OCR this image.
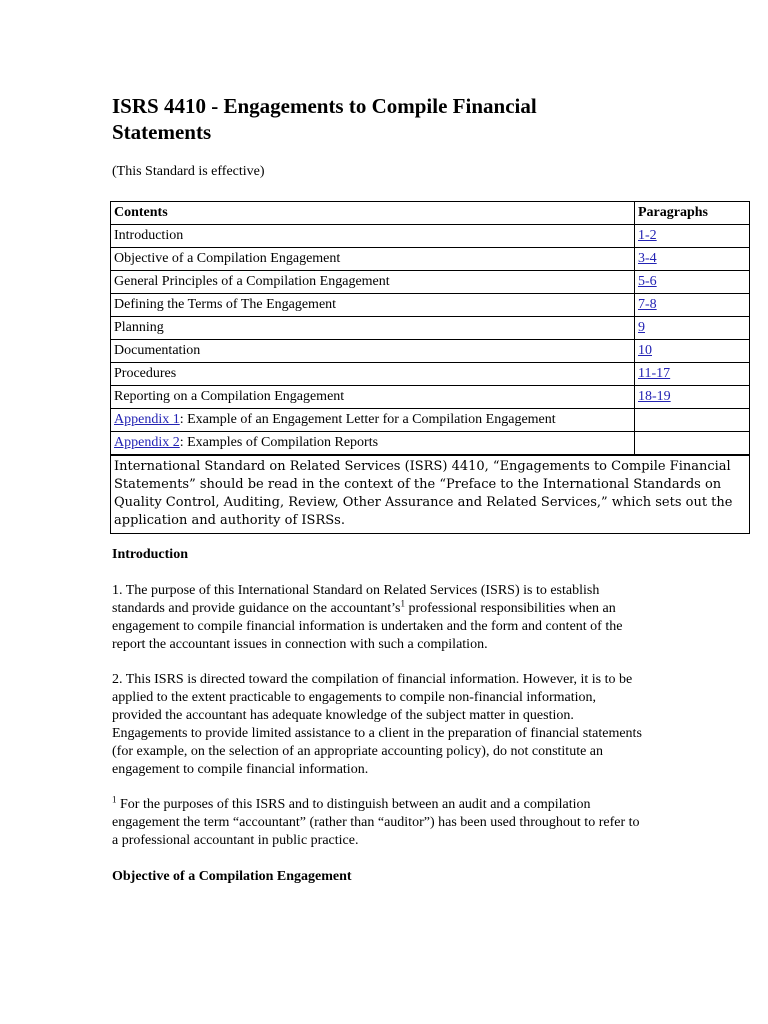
ISRS 4410 - Engagements to Compile Financial Statements
(This Standard is effective)
Contents	Paragraphs
Introduction	1-2
Objective of a Compilation Engagement	3-4
General Principles of a Compilation Engagement	5-6
Defining the Terms of The Engagement	7-8
Planning	9
Documentation	10
Procedures	11-17
Reporting on a Compilation Engagement	18-19
Appendix 1: Example of an Engagement Letter for a Compilation Engagement	
Appendix 2: Examples of Compilation Reports	
International Standard on Related Services (ISRS) 4410, “Engagements to Compile Financial Statements” should be read in the context of the “Preface to the International Standards on Quality Control, Auditing, Review, Other Assurance and Related Services,” which sets out the application and authority of ISRSs.	
Introduction
1. The purpose of this International Standard on Related Services (ISRS) is to establish standards and provide guidance on the $accountant’s^1$ professional responsibilities when an engagement to compile financial information is undertaken and the form and content of the report the accountant issues in connection with such a compilation.
2. This ISRS is directed toward the compilation of financial information. However, it is to be applied to the extent practicable to engagements to compile non-financial information, provided the accountant has adequate knowledge of the subject matter in question. Engagements to provide limited assistance to a client in the preparation of financial statements (for example, on the selection of an appropriate accounting policy), do not constitute an engagement to compile financial information.
$^1$ For the purposes of this ISRS and to distinguish between an audit and a compilation engagement the term “accountant” (rather than “auditor”) has been used throughout to refer to a professional accountant in public practice.
Objective of a Compilation Engagement
